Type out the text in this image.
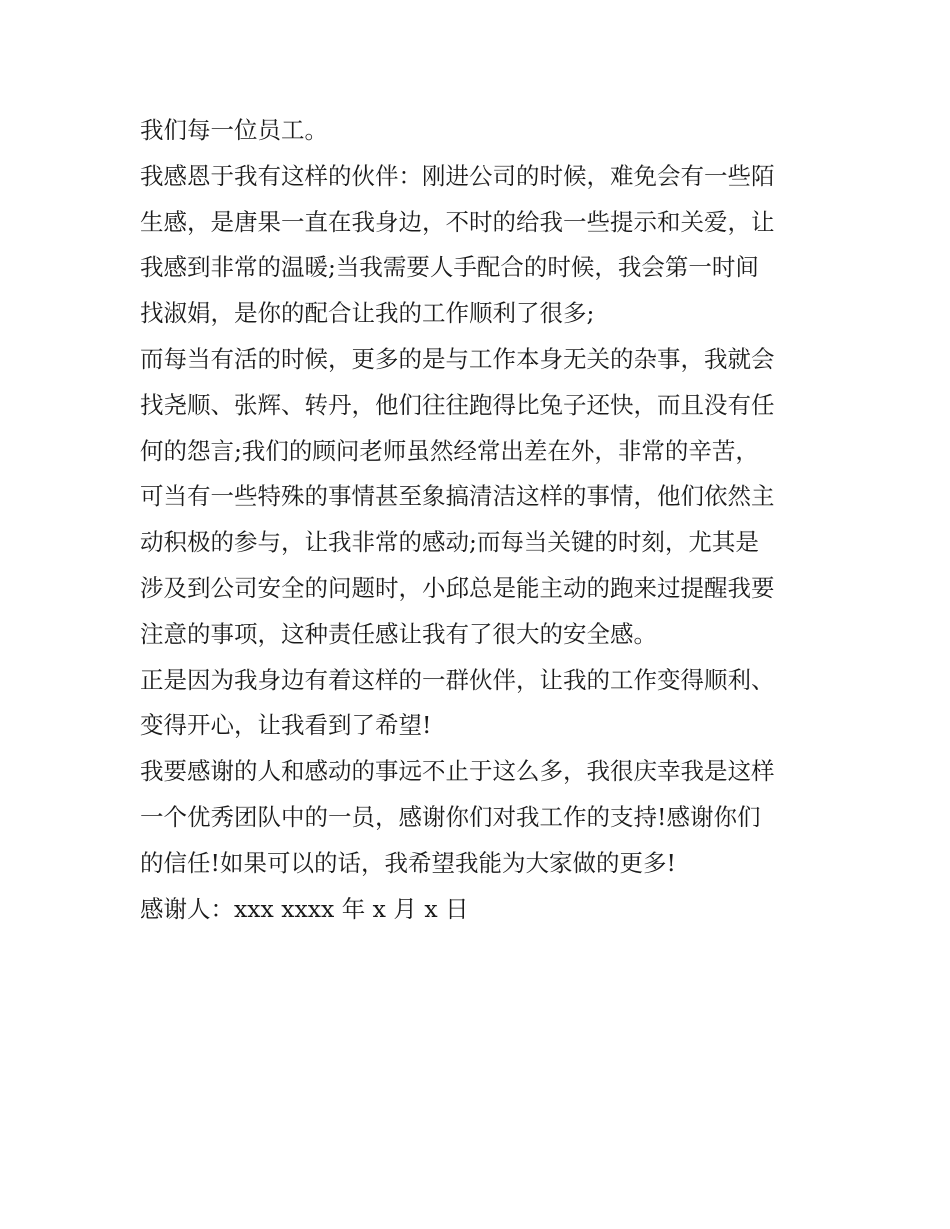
我们每一位员工。
我感恩于我有这样的伙伴：刚进公司的时候，难免会有一些陌
生感，是唐果一直在我身边，不时的给我一些提示和关爱，让
我感到非常的温暖;当我需要人手配合的时候，我会第一时间
找淑娟，是你的配合让我的工作顺利了很多;
而每当有活的时候，更多的是与工作本身无关的杂事，我就会
找尧顺、张辉、转丹，他们往往跑得比兔子还快，而且没有任
何的怨言;我们的顾问老师虽然经常出差在外，非常的辛苦，
可当有一些特殊的事情甚至象搞清洁这样的事情，他们依然主
动积极的参与，让我非常的感动;而每当关键的时刻，尤其是
涉及到公司安全的问题时，小邱总是能主动的跑来过提醒我要
注意的事项，这种责任感让我有了很大的安全感。
正是因为我身边有着这样的一群伙伴，让我的工作变得顺利、
变得开心，让我看到了希望!
我要感谢的人和感动的事远不止于这么多，我很庆幸我是这样
一个优秀团队中的一员，感谢你们对我工作的支持!感谢你们
的信任!如果可以的话，我希望我能为大家做的更多!
感谢人：xxx xxxx 年 x 月 x 日
